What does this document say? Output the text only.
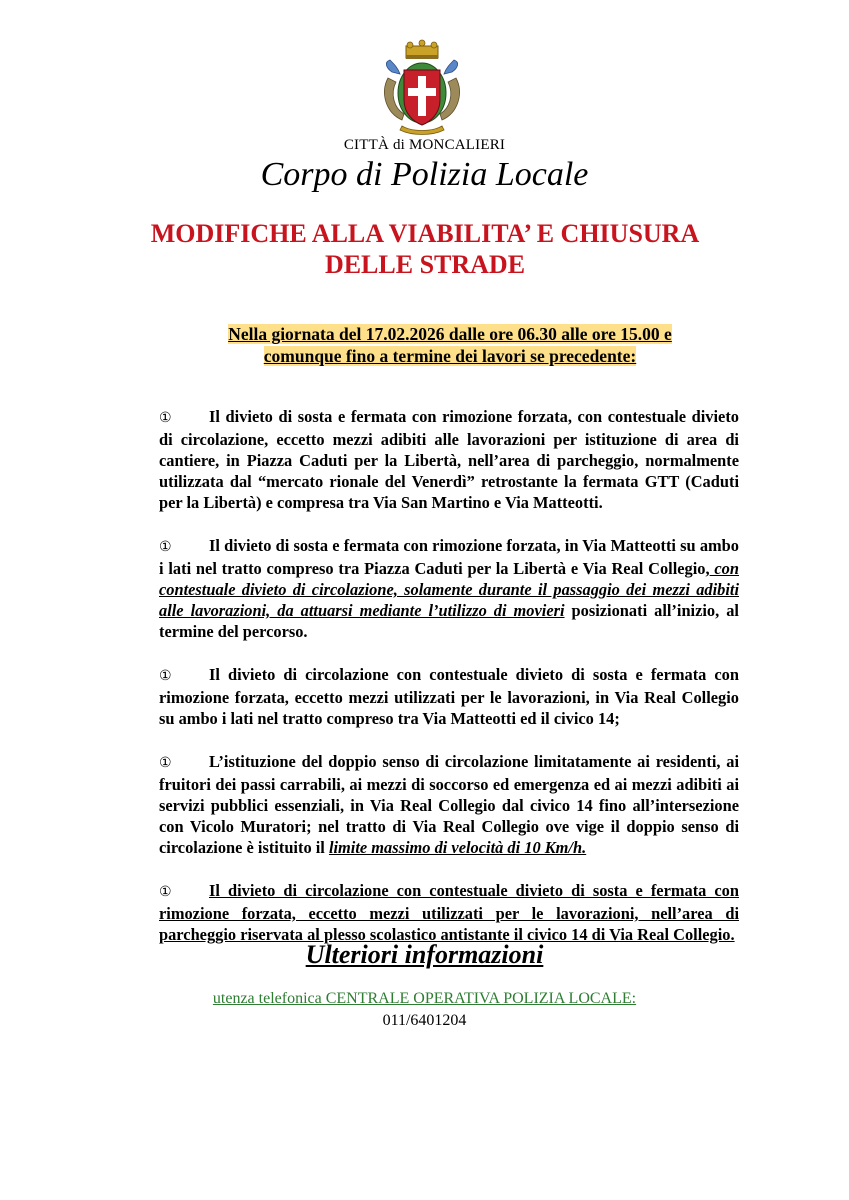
CITTÀ di MONCALIERI
Corpo di Polizia Locale
MODIFICHE ALLA VIABILITA’ E CHIUSURA
DELLE STRADE
Nella giornata del 17.02.2026 dalle ore 06.30 alle ore 15.00 e
comunque fino a termine dei lavori se precedente:

① Il divieto di sosta e fermata con rimozione forzata, con contestuale divieto di circolazione, eccetto mezzi adibiti alle lavorazioni per istituzione di area di cantiere, in Piazza Caduti per la Libertà, nell’area di parcheggio, normalmente utilizzata dal “mercato rionale del Venerdì” retrostante la fermata GTT (Caduti per la Libertà) e compresa tra Via San Martino e Via Matteotti.

① Il divieto di sosta e fermata con rimozione forzata, in Via Matteotti su ambo i lati nel tratto compreso tra Piazza Caduti per la Libertà e Via Real Collegio, con contestuale divieto di circolazione, solamente durante il passaggio dei mezzi adibiti alle lavorazioni, da attuarsi mediante l’utilizzo di movieri posizionati all’inizio, al termine del percorso.

① Il divieto di circolazione con contestuale divieto di sosta e fermata con rimozione forzata, eccetto mezzi utilizzati per le lavorazioni, in Via Real Collegio su ambo i lati nel tratto compreso tra Via Matteotti ed il civico 14;

① L’istituzione del doppio senso di circolazione limitatamente ai residenti, ai fruitori dei passi carrabili, ai mezzi di soccorso ed emergenza ed ai mezzi adibiti ai servizi pubblici essenziali, in Via Real Collegio dal civico 14 fino all’intersezione con Vicolo Muratori; nel tratto di Via Real Collegio ove vige il doppio senso di circolazione è istituito il limite massimo di velocità di 10 Km/h.

① Il divieto di circolazione con contestuale divieto di sosta e fermata con rimozione forzata, eccetto mezzi utilizzati per le lavorazioni, nell’area di parcheggio riservata al plesso scolastico antistante il civico 14 di Via Real Collegio.

Ulteriori informazioni
utenza telefonica CENTRALE OPERATIVA POLIZIA LOCALE:
011/6401204
